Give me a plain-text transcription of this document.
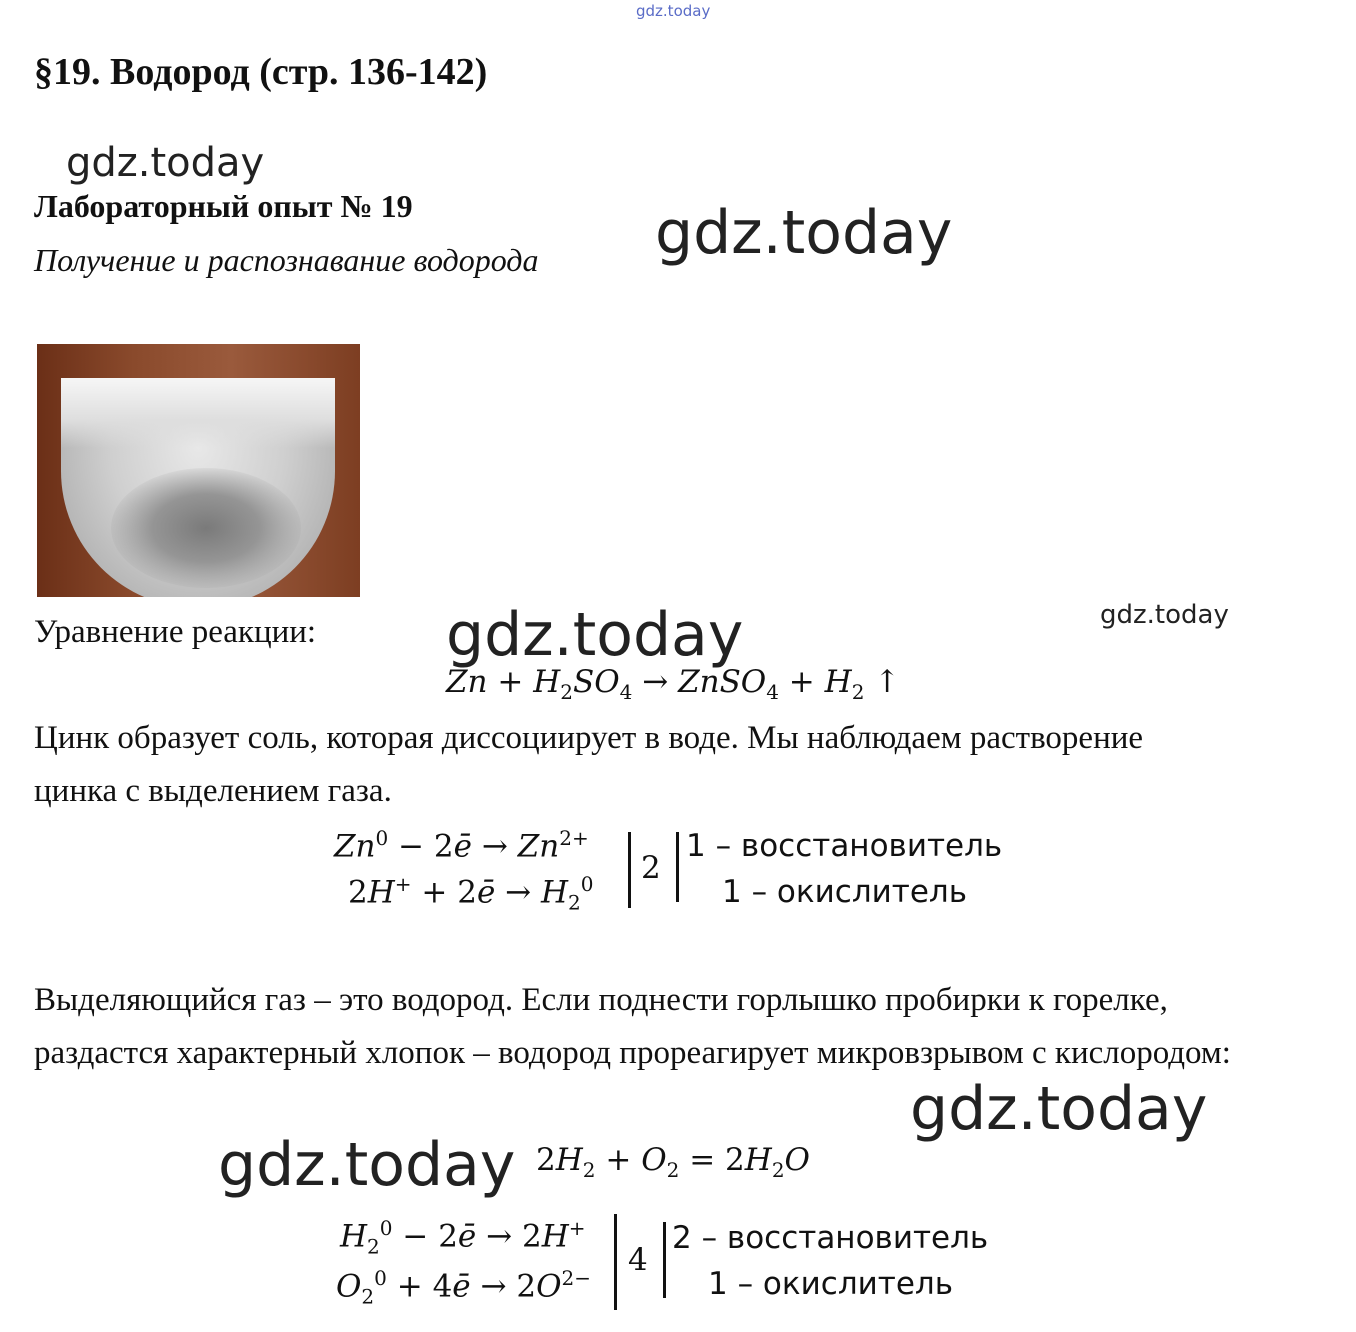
gdz.today
gdz.today
gdz.today
gdz.today
gdz.today
gdz.today
gdz.today
§19. Водород (стр. 136-142)
Лабораторный опыт № 19
Получение и распознавание водорода
Уравнение реакции:
$Zn + H_2SO_4$ → ZnSO$_4$ + $H_2$ ↑
Цинк образует соль, которая диссоциирует в воде. Мы наблюдаем растворение цинка с выделением газа.
$Zn^0$ − 2ē → $Zn^{2+}$
2H+ + 2ē → $H_2^0$ 2
1 – восстановитель
1 – окислитель
Выделяющийся газ – это водород. Если поднести горлышко пробирки к горелке, раздастся характерный хлопок – водород прореагирует микровзрывом с кислородом:
$2H_2 + O_2 = 2H_2O$
$H_2^0$ − 2ē → 2H+
$O_2^0$ + 4ē → $2O^{2-}$ 4
2 – восстановитель
1 – окислитель
